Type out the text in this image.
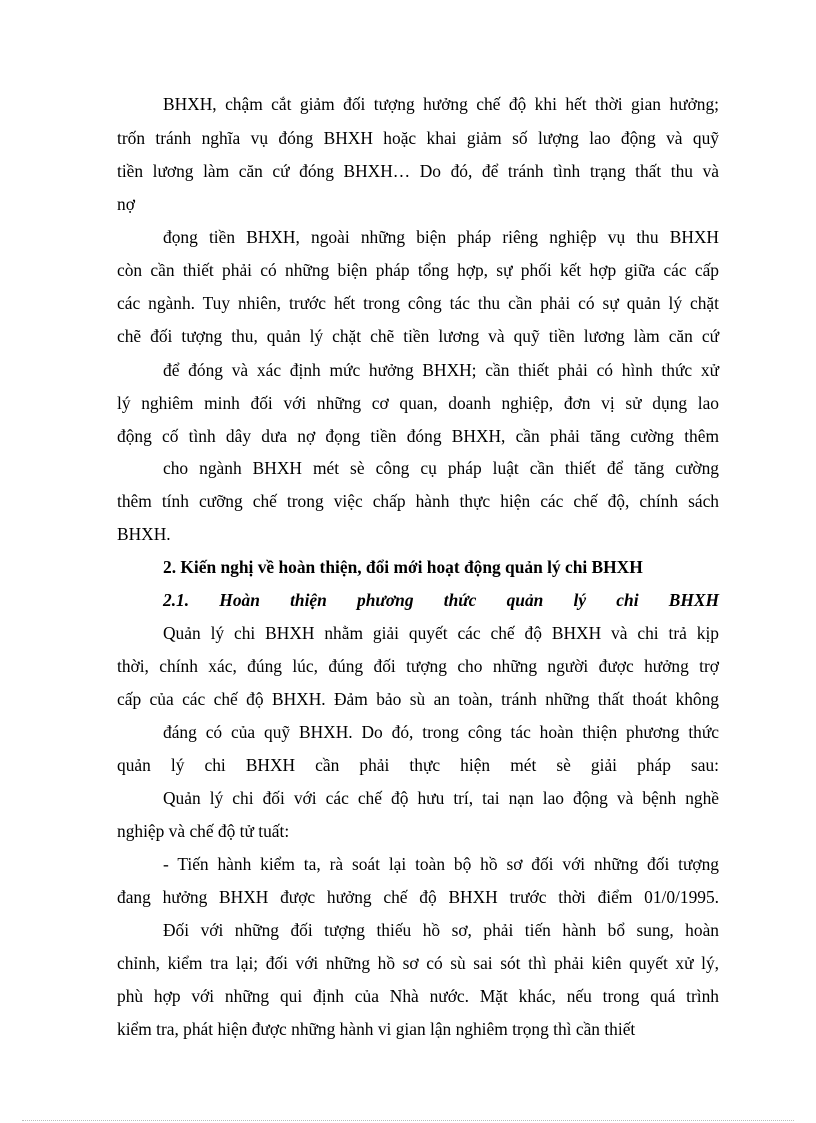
BHXH, chậm cắt giảm đối tượng hưởng chế độ khi hết thời gian hưởng;
trốn tránh nghĩa vụ đóng BHXH hoặc khai giảm số lượng lao động và quỹ
tiền lương làm căn cứ đóng BHXH… Do đó, để tránh tình trạng thất thu và
nợ
đọng tiền BHXH, ngoài những biện pháp riêng nghiệp vụ thu BHXH
còn cần thiết phải có những biện pháp tổng hợp, sự phối kết hợp giữa các cấp
các ngành. Tuy nhiên, trước hết trong công tác thu cần phải có sự quản lý chặt
chẽ đối tượng thu, quản lý chặt chẽ tiền lương và quỹ tiền lương làm căn cứ
để đóng và xác định mức hưởng BHXH; cần thiết phải có hình thức xử
lý nghiêm minh đối với những cơ quan, doanh nghiệp, đơn vị sử dụng lao
động cố tình dây dưa nợ đọng tiền đóng BHXH, cần phải tăng cường thêm
cho ngành BHXH mét sè công cụ pháp luật cần thiết để tăng cường
thêm tính cưỡng chế trong việc chấp hành thực hiện các chế độ, chính sách
BHXH.
2. Kiến nghị về hoàn thiện, đổi mới hoạt động quản lý chi BHXH
2.1. Hoàn thiện phương thức quản lý chi BHXH
Quản lý chi BHXH nhằm giải quyết các chế độ BHXH và chi trả kịp
thời, chính xác, đúng lúc, đúng đối tượng cho những người được hưởng trợ
cấp của các chế độ BHXH. Đảm bảo sù an toàn, tránh những thất thoát không
đáng có của quỹ BHXH. Do đó, trong công tác hoàn thiện phương thức
quản lý chi BHXH cần phải thực hiện mét sè giải pháp sau:
Quản lý chi đối với các chế độ hưu trí, tai nạn lao động và bệnh nghề
nghiệp và chế độ tử tuất:
- Tiến hành kiểm ta, rà soát lại toàn bộ hồ sơ đối với những đối tượng
đang hưởng BHXH được hưởng chế độ BHXH trước thời điểm 01/0/1995.
Đối với những đối tượng thiếu hồ sơ, phải tiến hành bổ sung, hoàn
chỉnh, kiểm tra lại; đối với những hồ sơ có sù sai sót thì phải kiên quyết xử lý,
phù hợp với những qui định của Nhà nước. Mặt khác, nếu trong quá trình
kiểm tra, phát hiện được những hành vi gian lận nghiêm trọng thì cần thiết
